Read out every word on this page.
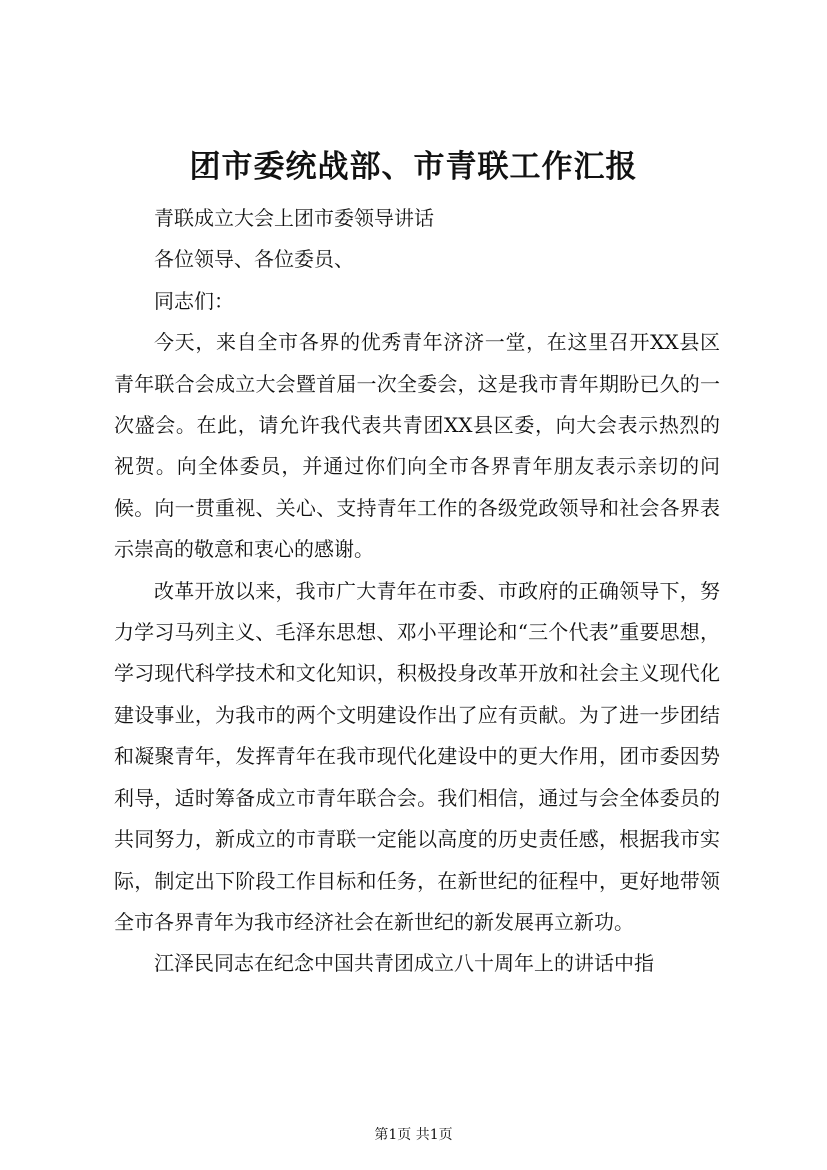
团市委统战部、市青联工作汇报

青联成立大会上团市委领导讲话

各位领导、各位委员、

同志们：

今天，来自全市各界的优秀青年济济一堂，在这里召开XX县区青年联合会成立大会暨首届一次全委会，这是我市青年期盼已久的一次盛会。在此，请允许我代表共青团XX县区委，向大会表示热烈的祝贺。向全体委员，并通过你们向全市各界青年朋友表示亲切的问候。向一贯重视、关心、支持青年工作的各级党政领导和社会各界表示崇高的敬意和衷心的感谢。

改革开放以来，我市广大青年在市委、市政府的正确领导下，努力学习马列主义、毛泽东思想、邓小平理论和“三个代表”重要思想，学习现代科学技术和文化知识，积极投身改革开放和社会主义现代化建设事业，为我市的两个文明建设作出了应有贡献。为了进一步团结和凝聚青年，发挥青年在我市现代化建设中的更大作用，团市委因势利导，适时筹备成立市青年联合会。我们相信，通过与会全体委员的共同努力，新成立的市青联一定能以高度的历史责任感，根据我市实际，制定出下阶段工作目标和任务，在新世纪的征程中，更好地带领全市各界青年为我市经济社会在新世纪的新发展再立新功。

江泽民同志在纪念中国共青团成立八十周年上的讲话中指

第1页 共1页
